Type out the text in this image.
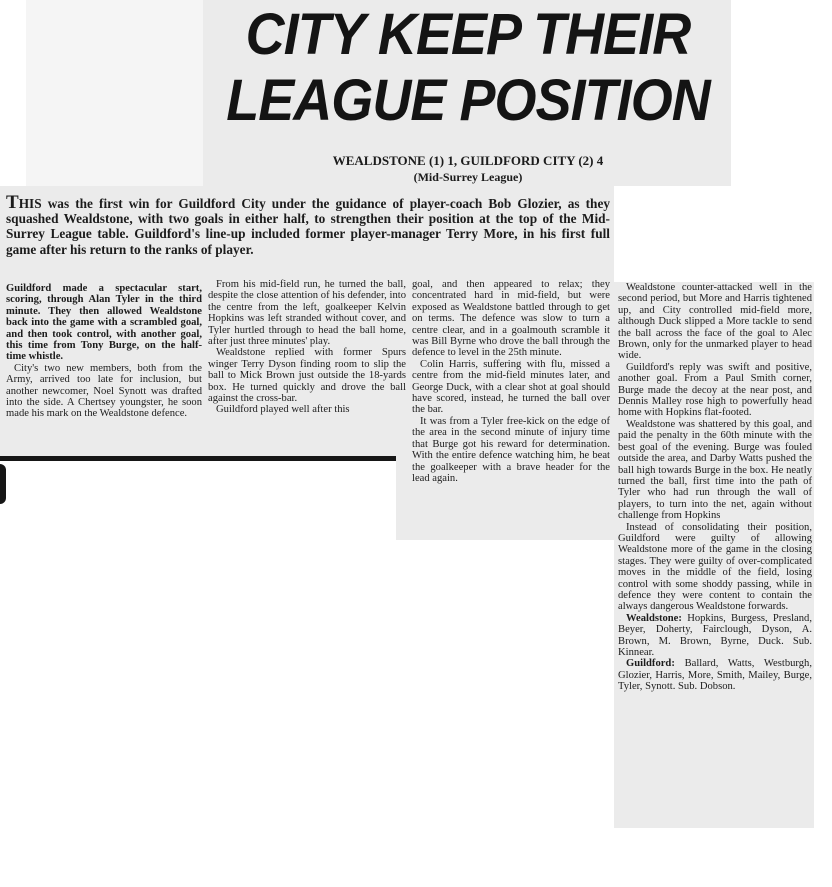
CITY KEEP THEIR
LEAGUE POSITION
WEALDSTONE (1) 1, GUILDFORD CITY (2) 4
(Mid-Surrey League)

THIS was the first win for Guildford City under the guidance of player-coach Bob Glozier, as they squashed Wealdstone, with two goals in either half, to strengthen their position at the top of the Mid-Surrey League table. Guildford's line-up included former player-manager Terry More, in his first full game after his return to the ranks of player.

Guildford made a spectacular start, scoring, through Alan Tyler in the third minute. They then allowed Wealdstone back into the game with a scrambled goal, and then took control, with another goal, this time from Tony Burge, on the half-time whistle.

City's two new members, both from the Army, arrived too late for inclusion, but another newcomer, Noel Synott was drafted into the side. A Chertsey youngster, he soon made his mark on the Wealdstone defence.

From his mid-field run, he turned the ball, despite the close attention of his defender, into the centre from the left, goalkeeper Kelvin Hopkins was left stranded without cover, and Tyler hurtled through to head the ball home, after just three minutes' play.

Wealdstone replied with former Spurs winger Terry Dyson finding room to slip the ball to Mick Brown just outside the 18-yards box. He turned quickly and drove the ball against the cross-bar.

Guildford played well after this

goal, and then appeared to relax; they concentrated hard in mid-field, but were exposed as Wealdstone battled through to get on terms. The defence was slow to turn a centre clear, and in a goalmouth scramble it was Bill Byrne who drove the ball through the defence to level in the 25th minute.

Colin Harris, suffering with flu, missed a centre from the mid-field minutes later, and George Duck, with a clear shot at goal should have scored, instead, he turned the ball over the bar.

It was from a Tyler free-kick on the edge of the area in the second minute of injury time that Burge got his reward for determination. With the entire defence watching him, he beat the goalkeeper with a brave header for the lead again.

Wealdstone counter-attacked well in the second period, but More and Harris tightened up, and City controlled mid-field more, although Duck slipped a More tackle to send the ball across the face of the goal to Alec Brown, only for the unmarked player to head wide.

Guildford's reply was swift and positive, another goal. From a Paul Smith corner, Burge made the decoy at the near post, and Dennis Malley rose high to powerfully head home with Hopkins flat-footed.

Wealdstone was shattered by this goal, and paid the penalty in the 60th minute with the best goal of the evening. Burge was fouled outside the area, and Darby Watts pushed the ball high towards Burge in the box. He neatly turned the ball, first time into the path of Tyler who had run through the wall of players, to turn into the net, again without challenge from Hopkins

Instead of consolidating their position, Guildford were guilty of allowing Wealdstone more of the game in the closing stages. They were guilty of over-complicated moves in the middle of the field, losing control with some shoddy passing, while in defence they were content to contain the always dangerous Wealdstone forwards.

Wealdstone: Hopkins, Burgess, Presland, Beyer, Doherty, Fairclough, Dyson, A. Brown, M. Brown, Byrne, Duck. Sub. Kinnear.

Guildford: Ballard, Watts, Westburgh, Glozier, Harris, More, Smith, Mailey, Burge, Tyler, Synott. Sub. Dobson.
